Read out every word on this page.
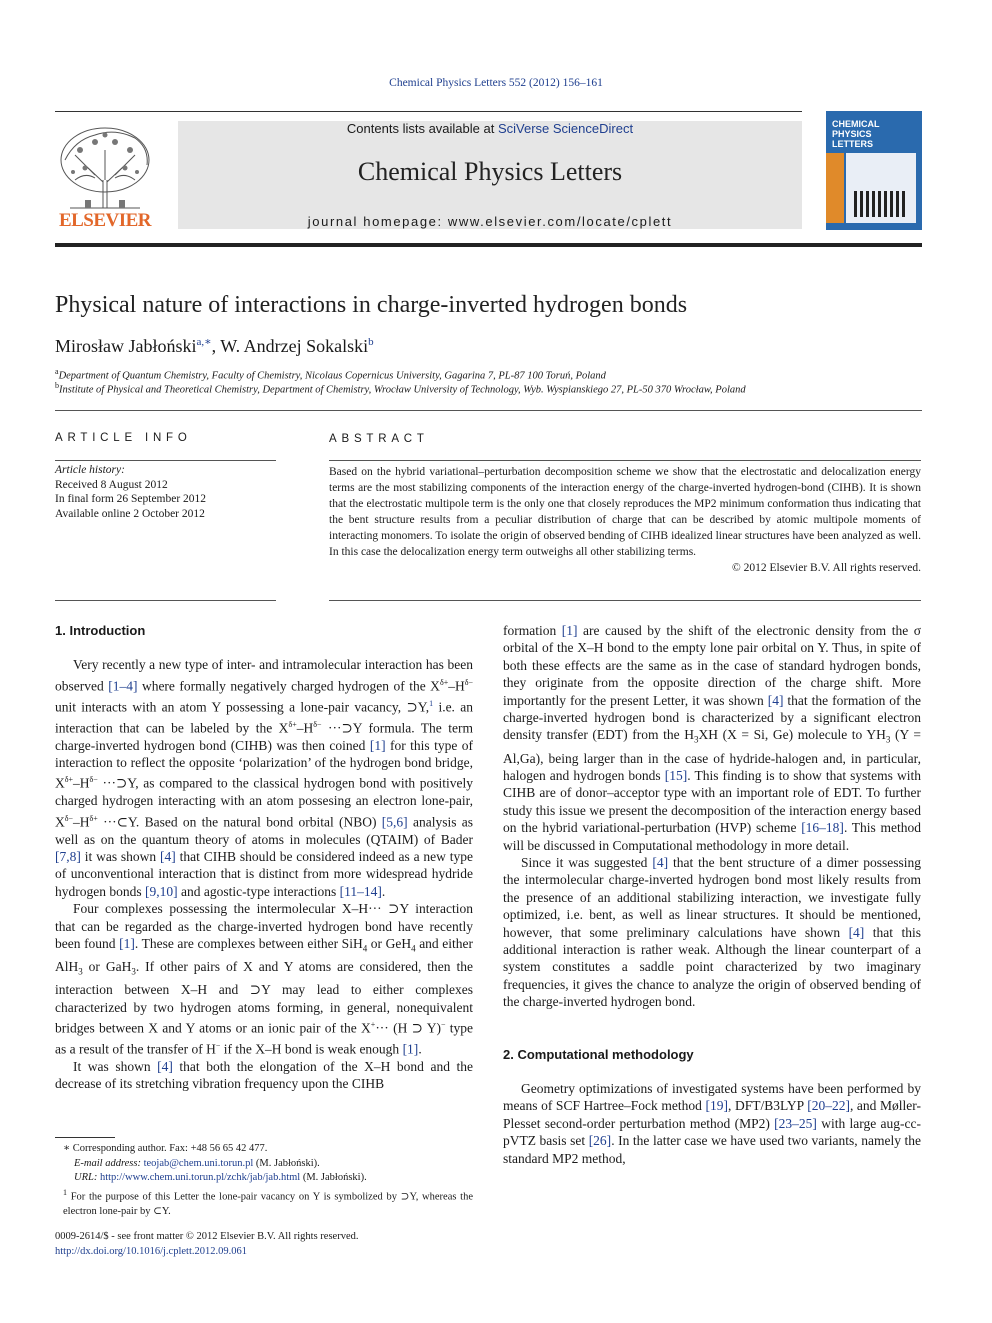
Chemical Physics Letters 552 (2012) 156–161
ELSEVIER
Contents lists available at SciVerse ScienceDirect
Chemical Physics Letters
journal homepage: www.elsevier.com/locate/cplett
CHEMICAL
PHYSICS
LETTERS
Physical nature of interactions in charge-inverted hydrogen bonds
Mirosław Jabłoński$^{a,∗}$, W. Andrzej Sokalski$^b$
$^a$Department of Quantum Chemistry, Faculty of Chemistry, Nicolaus Copernicus University, Gagarina 7, PL-87 100 Toruń, Poland
$^b$Institute of Physical and Theoretical Chemistry, Department of Chemistry, Wrocław University of Technology, Wyb. Wyspianskiego 27, PL-50 370 Wrocław, Poland
ARTICLE INFO
Article history:
Received 8 August 2012
In final form 26 September 2012
Available online 2 October 2012
ABSTRACT
Based on the hybrid variational–perturbation decomposition scheme we show that the electrostatic and delocalization energy terms are the most stabilizing components of the interaction energy of the charge-inverted hydrogen-bond (CIHB). It is shown that the electrostatic multipole term is the only one that closely reproduces the MP2 minimum conformation thus indicating that the bent structure results from a peculiar distribution of charge that can be described by atomic multipole moments of interacting monomers. To isolate the origin of observed bending of CIHB idealized linear structures have been analyzed as well. In this case the delocalization energy term outweighs all other stabilizing terms.
© 2012 Elsevier B.V. All rights reserved.
1. Introduction

Very recently a new type of inter- and intramolecular interaction has been observed [1–4] where formally negatively charged hydrogen of the $X^{\delta+}-H^{\delta-}$ unit interacts with an atom Y possessing a lone-pair vacancy, ⊃Y,$^1$ i.e. an interaction that can be labeled by the $X^{\delta+}-H^{\delta-}$ ···⊃Y formula. The term charge-inverted hydrogen bond (CIHB) was then coined [1] for this type of interaction to reflect the opposite ‘polarization’ of the hydrogen bond bridge, $X^{\delta+}-H^{\delta-}$ ···⊃Y, as compared to the classical hydrogen bond with positively charged hydrogen interacting with an atom possesing an electron lone-pair, $X^{\delta-}-H^{\delta+}$ ···⊂Y. Based on the natural bond orbital (NBO) [5,6] analysis as well as on the quantum theory of atoms in molecules (QTAIM) of Bader [7,8] it was shown [4] that CIHB should be considered indeed as a new type of unconventional interaction that is distinct from more widespread hydride hydrogen bonds [9,10] and agostic-type interactions [11–14].

Four complexes possessing the intermolecular X–H··· ⊃Y interaction that can be regarded as the charge-inverted hydrogen bond have recently been found [1]. These are complexes between either SiH$_4$ or GeH$_4$ and either AlH$_3$ or GaH$_3$. If other pairs of X and Y atoms are considered, then the interaction between X–H and ⊃Y may lead to either complexes characterized by two hydrogen atoms forming, in general, nonequivalent bridges between X and Y atoms or an ionic pair of the X+··· (H ⊃ Y)− type as a result of the transfer of H− if the X–H bond is weak enough [1].

It was shown [4] that both the elongation of the X–H bond and the decrease of its stretching vibration frequency upon the CIHB

formation [1] are caused by the shift of the electronic density from the σ orbital of the X–H bond to the empty lone pair orbital on Y. Thus, in spite of both these effects are the same as in the case of standard hydrogen bonds, they originate from the opposite direction of the charge shift. More importantly for the present Letter, it was shown [4] that the formation of the charge-inverted hydrogen bond is characterized by a significant electron density transfer (EDT) from the $H_3XH$ (X = Si, Ge) molecule to $YH_3$ (Y = Al,Ga), being larger than in the case of hydride-halogen and, in particular, halogen and hydrogen bonds [15]. This finding is to show that systems with CIHB are of donor–acceptor type with an important role of EDT. To further study this issue we present the decomposition of the interaction energy based on the hybrid variational-perturbation (HVP) scheme [16–18]. This method will be discussed in Computational methodology in more detail.

Since it was suggested [4] that the bent structure of a dimer possessing the intermolecular charge-inverted hydrogen bond most likely results from the presence of an additional stabilizing interaction, we investigate fully optimized, i.e. bent, as well as linear structures. It should be mentioned, however, that some preliminary calculations have shown [4] that this additional interaction is rather weak. Although the linear counterpart of a system constitutes a saddle point characterized by two imaginary frequencies, it gives the chance to analyze the origin of observed bending of the charge-inverted hydrogen bond.

2. Computational methodology

Geometry optimizations of investigated systems have been performed by means of SCF Hartree–Fock method [19], DFT/B3LYP [20–22], and Møller-Plesset second-order perturbation method (MP2) [23–25] with large aug-cc-pVTZ basis set [26]. In the latter case we have used two variants, namely the standard MP2 method,

∗ Corresponding author. Fax: +48 56 65 42 477.
E-mail address: teojab@chem.uni.torun.pl (M. Jabłoński).
URL: http://www.chem.uni.torun.pl/zchk/jab/jab.html (M. Jabłoński).
$^1$ For the purpose of this Letter the lone-pair vacancy on Y is symbolized by ⊃Y, whereas the electron lone-pair by ⊂Y.
0009-2614/$ - see front matter © 2012 Elsevier B.V. All rights reserved.
http://dx.doi.org/10.1016/j.cplett.2012.09.061
